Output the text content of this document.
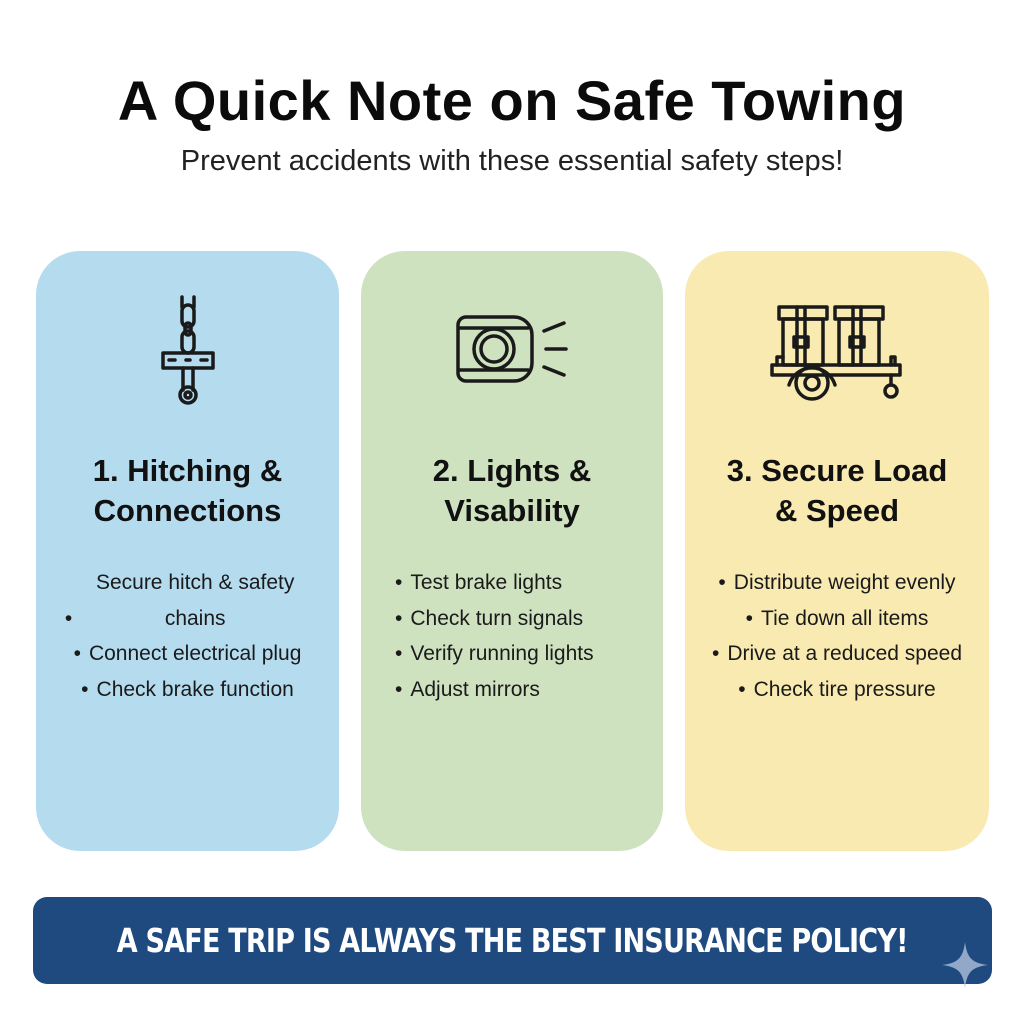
A Quick Note on Safe Towing
Prevent accidents with these essential safety steps!
1. Hitching &
Connections
• Secure hitch & safety chains
• Connect electrical plug
• Check brake function
2. Lights &
Visability
• Test brake lights
• Check turn signals
• Verify running lights
• Adjust mirrors
3. Secure Load
& Speed
• Distribute weight evenly
• Tie down all items
• Drive at a reduced speed
• Check tire pressure
A SAFE TRIP IS ALWAYS THE BEST INSURANCE POLICY!
